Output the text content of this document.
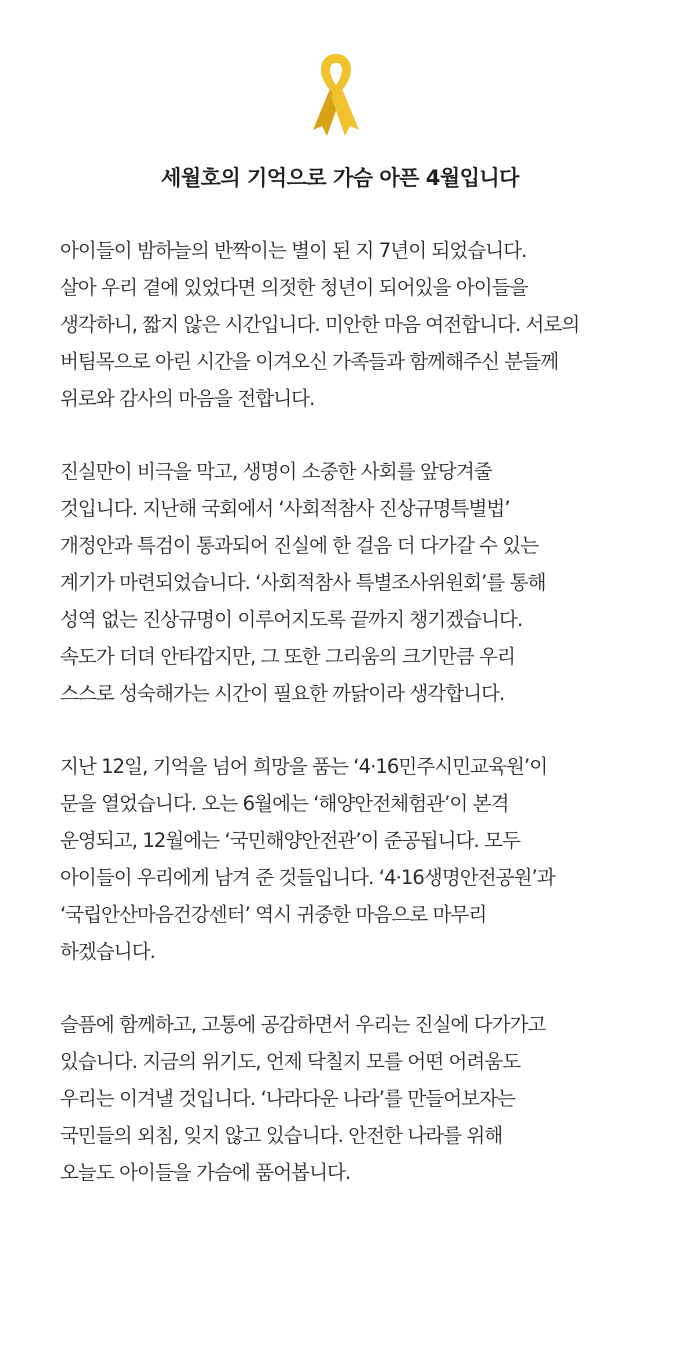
세월호의 기억으로 가슴 아픈 4월입니다
아이들이 밤하늘의 반짝이는 별이 된 지 7년이 되었습니다.
살아 우리 곁에 있었다면 의젓한 청년이 되어있을 아이들을
생각하니, 짧지 않은 시간입니다. 미안한 마음 여전합니다. 서로의
버팀목으로 아린 시간을 이겨오신 가족들과 함께해주신 분들께
위로와 감사의 마음을 전합니다.
진실만이 비극을 막고, 생명이 소중한 사회를 앞당겨줄
것입니다. 지난해 국회에서 ‘사회적참사 진상규명특별법’
개정안과 특검이 통과되어 진실에 한 걸음 더 다가갈 수 있는
계기가 마련되었습니다. ‘사회적참사 특별조사위원회’를 통해
성역 없는 진상규명이 이루어지도록 끝까지 챙기겠습니다.
속도가 더뎌 안타깝지만, 그 또한 그리움의 크기만큼 우리
스스로 성숙해가는 시간이 필요한 까닭이라 생각합니다.
지난 12일, 기억을 넘어 희망을 품는 ‘4·16민주시민교육원’이
문을 열었습니다. 오는 6월에는 ‘해양안전체험관’이 본격
운영되고, 12월에는 ‘국민해양안전관’이 준공됩니다. 모두
아이들이 우리에게 남겨 준 것들입니다. ‘4·16생명안전공원’과
‘국립안산마음건강센터’ 역시 귀중한 마음으로 마무리
하겠습니다.
슬픔에 함께하고, 고통에 공감하면서 우리는 진실에 다가가고
있습니다. 지금의 위기도, 언제 닥칠지 모를 어떤 어려움도
우리는 이겨낼 것입니다. ‘나라다운 나라’를 만들어보자는
국민들의 외침, 잊지 않고 있습니다. 안전한 나라를 위해
오늘도 아이들을 가슴에 품어봅니다.
